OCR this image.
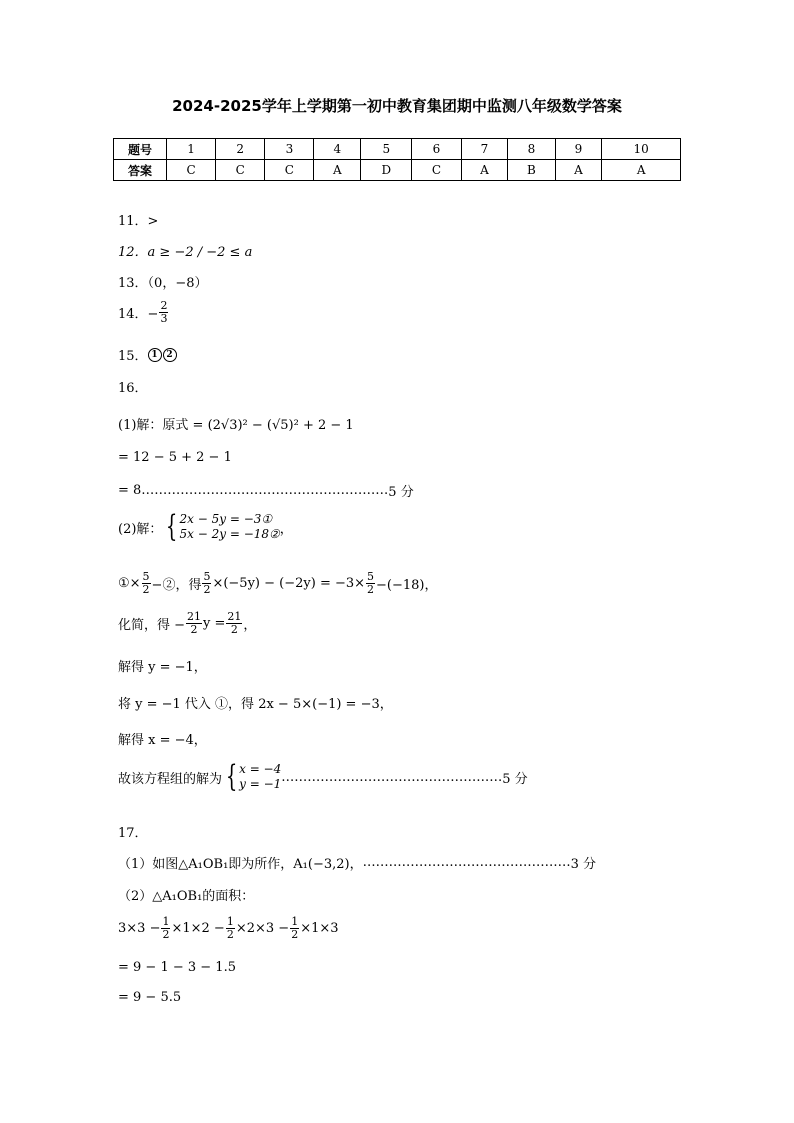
2024-2025学年上学期第一初中教育集团期中监测八年级数学答案
题号	1	2	3	4	5	6	7	8	9	10
答案	C	C	C	A	D	C	A	B	A	A
11．>
12．a ≥ −2 / −2 ≤ a
13．（0，−8）
14．− $\frac{2}{3}$
15． 1 2
16．
(1)解：原式 = (2√3)² − (√5)² + 2 − 1
= 12 − 5 + 2 − 1
= 8 ………………………………………………… 5 分
(2)解： { 2x − 5y = −3①
5x − 2y = −18② ，
①× $\frac{5}{2}$ −②，得 $\frac{5}{2} \times(-5y) - (-2y) = -3\times \frac{5}{2} -(-18)$，
化简，得 − $\frac{21}{2}$ $y = \frac{21}{2}$ ，
解得 y = −1，
将 y = −1 代入 ①，得 2x − 5×(−1) = −3，
解得 x = −4，
故该方程组的解为 { x = −4
y = −1 …………………………………………… 5 分
17．
（1）如图△A₁OB₁即为所作，A₁(−3,2)， ………………………………………… 3 分
（2）△A₁OB₁的面积：
$3\times 3 - \frac{1}{2} \times 1\times 2 - \frac{1}{2} \times 2\times 3 - \frac{1}{2} \times 1\times 3$
= 9 − 1 − 3 − 1.5
= 9 − 5.5
